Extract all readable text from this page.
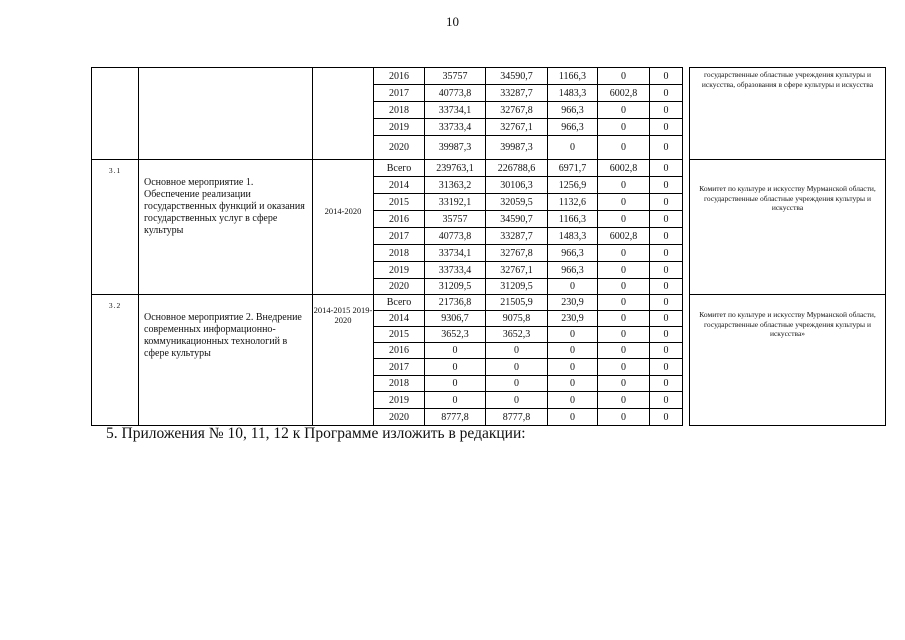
10
			2016	35757	34590,7	1166,3	0	0		государственные областные учреждения культуры и искусства, образования в сфере культуры и искусства
			2017	40773,8	33287,7	1483,3	6002,8	0		
			2018	33734,1	32767,8	966,3	0	0		
			2019	33733,4	32767,1	966,3	0	0		
			2020	39987,3	39987,3	0	0	0		
3.1	Основное мероприятие 1. Обеспечение реализации государственных функций и оказания государственных услуг в сфере культуры	2014-2020	Всего	239763,1	226788,6	6971,7	6002,8	0		Комитет по культуре и искусству Мурманской области, государственные областные учреждения культуры и искусства
			2014	31363,2	30106,3	1256,9	0	0		
			2015	33192,1	32059,5	1132,6	0	0		
			2016	35757	34590,7	1166,3	0	0		
			2017	40773,8	33287,7	1483,3	6002,8	0		
			2018	33734,1	32767,8	966,3	0	0		
			2019	33733,4	32767,1	966,3	0	0		
			2020	31209,5	31209,5	0	0	0		
3.2	Основное мероприятие 2. Внедрение современных информационно-коммуникационных технологий в сфере культуры	2014-2015 2019-2020	Всего	21736,8	21505,9	230,9	0	0		Комитет по культуре и искусству Мурманской области, государственные областные учреждения культуры и искусства»
			2014	9306,7	9075,8	230,9	0	0		
			2015	3652,3	3652,3	0	0	0		
			2016	0	0	0	0	0		
			2017	0	0	0	0	0		
			2018	0	0	0	0	0		
			2019	0	0	0	0	0		
			2020	8777,8	8777,8	0	0	0		
5. Приложения № 10, 11, 12 к Программе изложить в редакции:
